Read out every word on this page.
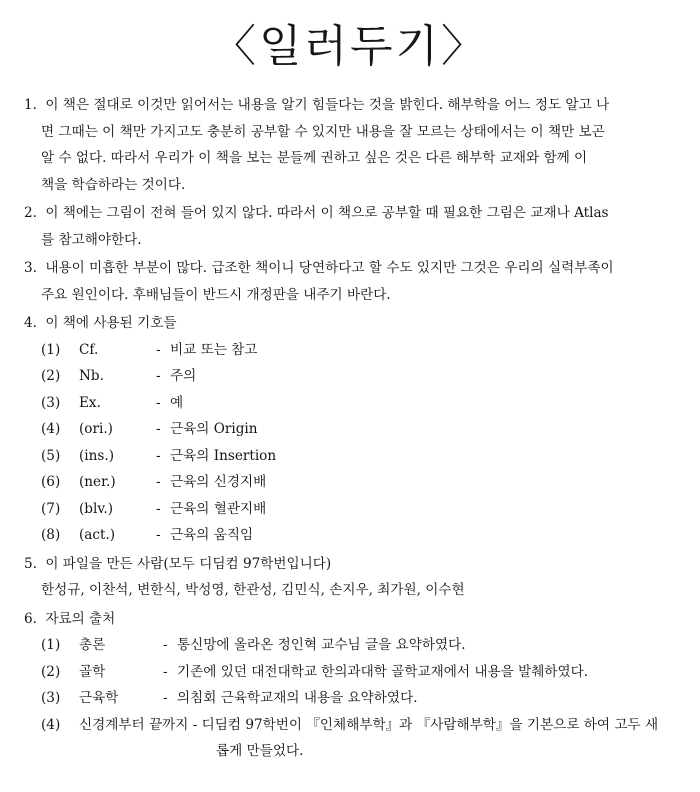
〈일러두기〉
1. 이 책은 절대로 이것만 읽어서는 내용을 알기 힘들다는 것을 밝힌다. 해부학을 어느 정도 알고 나
면 그때는 이 책만 가지고도 충분히 공부할 수 있지만 내용을 잘 모르는 상태에서는 이 책만 보곤
알 수 없다. 따라서 우리가 이 책을 보는 분들께 권하고 싶은 것은 다른 해부학 교재와 함께 이
책을 학습하라는 것이다.
2. 이 책에는 그림이 전혀 들어 있지 않다. 따라서 이 책으로 공부할 때 필요한 그림은 교재나 Atlas
를 참고해야한다.
3. 내용이 미흡한 부분이 많다. 급조한 책이니 당연하다고 할 수도 있지만 그것은 우리의 실력부족이
주요 원인이다. 후배님들이 반드시 개정판을 내주기 바란다.
4. 이 책에 사용된 기호들
(1) Cf.	- 비교 또는 참고
(2) Nb.	- 주의
(3) Ex.	- 예
(4) (ori.)	- 근육의 Origin
(5) (ins.)	- 근육의 Insertion
(6) (ner.)	- 근육의 신경지배
(7) (blv.)	- 근육의 혈관지배
(8) (act.)	- 근육의 움직임
5. 이 파일을 만든 사람(모두 디딤컴 97학번입니다)
한성규, 이찬석, 변한식, 박성영, 한관성, 김민식, 손지우, 최가원, 이수현
6. 자료의 출처
(1) 총론	- 통신망에 올라온 정인혁 교수님 글을 요약하였다.
(2) 골학	- 기존에 있던 대전대학교 한의과대학 골학교재에서 내용을 발췌하였다.
(3) 근육학	- 의침회 근육학교재의 내용을 요약하였다.
(4) 신경계부터 끝까지 - 디딤컴 97학번이 『인체해부학』과 『사람해부학』을 기본으로 하여 고두 새
롭게 만들었다.
